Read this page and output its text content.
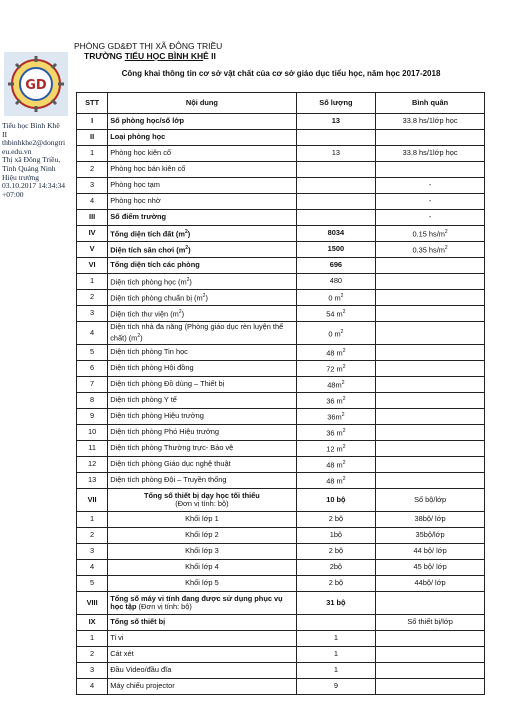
GD
Tiểu học Bình Khê
II
thbinhkhe2@dongtri
eu.edu.vn
Thị xã Đông Triều,
Tỉnh Quảng Ninh
Hiệu trưởng
03.10.2017 14:34:34
+07:00
PHÒNG GD&ĐT THỊ XÃ ĐÔNG TRIỀU
TRƯỜNG TIỂU HỌC BÌNH KHÊ II
Công khai thông tin cơ sở vật chất của cơ sở giáo dục tiểu học, năm học 2017-2018
STT	Nội dung	Số lượng	Bình quân
I	Số phòng học/số lớp	13	33.8 hs/1lớp học
II	Loại phòng học		
1	Phòng học kiên cố	13	33.8 hs/1lớp học
2	Phòng học bán kiên cố		
3	Phòng học tạm		-
4	Phòng học nhờ		-
III	Số điểm trường		-
IV	Tổng diện tích đất $(m^2)$	8034	0.15 $hs/m^2$
V	Diện tích sân chơi $(m^2)$	1500	0.35 $hs/m^2$
VI	Tổng diện tích các phòng	696	
1	Diện tích phòng học $(m^2)$	480	
2	Diện tích phòng chuẩn bị $(m^2)$	0 $m^2$	
3	Diện tích thư viện $(m^2)$	54 $m^2$	
4	Diện tích nhà đa năng (Phòng giáo dục rèn luyện thể chất) $(m^2)$	0 $m^2$	
5	Diện tích phòng Tin học	48 $m^2$	
6	Diện tích phòng Hội đồng	72 $m^2$	
7	Diện tích phòng Đồ dùng – Thiết bị	$48m^2$	
8	Diện tích phòng Y tế	36 $m^2$	
9	Diện tích phòng Hiệu trưởng	$36m^2$	
10	Diện tích phòng Phó Hiệu trưởng	36 $m^2$	
11	Diện tích phòng Thường trực- Bảo vệ	12 $m^2$	
12	Diện tích phòng Giáo dục nghệ thuật	48 $m^2$	
13	Diện tích phòng Đội – Truyền thống	48 $m^2$	
VII	Tổng số thiết bị dạy học tối thiểu
(Đơn vị tính: bộ)	10 bộ	Số bộ/lớp
1	Khối lớp 1	2 bộ	38bộ/ lớp
2	Khối lớp 2	1bộ	35bộ/lớp
3	Khối lớp 3	2 bộ	44 bộ/ lớp
4	Khối lớp 4	2bộ	45 bộ/ lớp
5	Khối lớp 5	2 bộ	44bộ/ lớp
VIII	Tổng số máy vi tính đang được sử dụng phục vụ học tập (Đơn vị tính: bộ)	31 bộ	
IX	Tổng số thiết bị		Số thiết bị/lớp
1	Ti vi	1	
2	Cát xét	1	
3	Đầu Video/đầu đĩa	1	
4	Máy chiếu projector	9	
